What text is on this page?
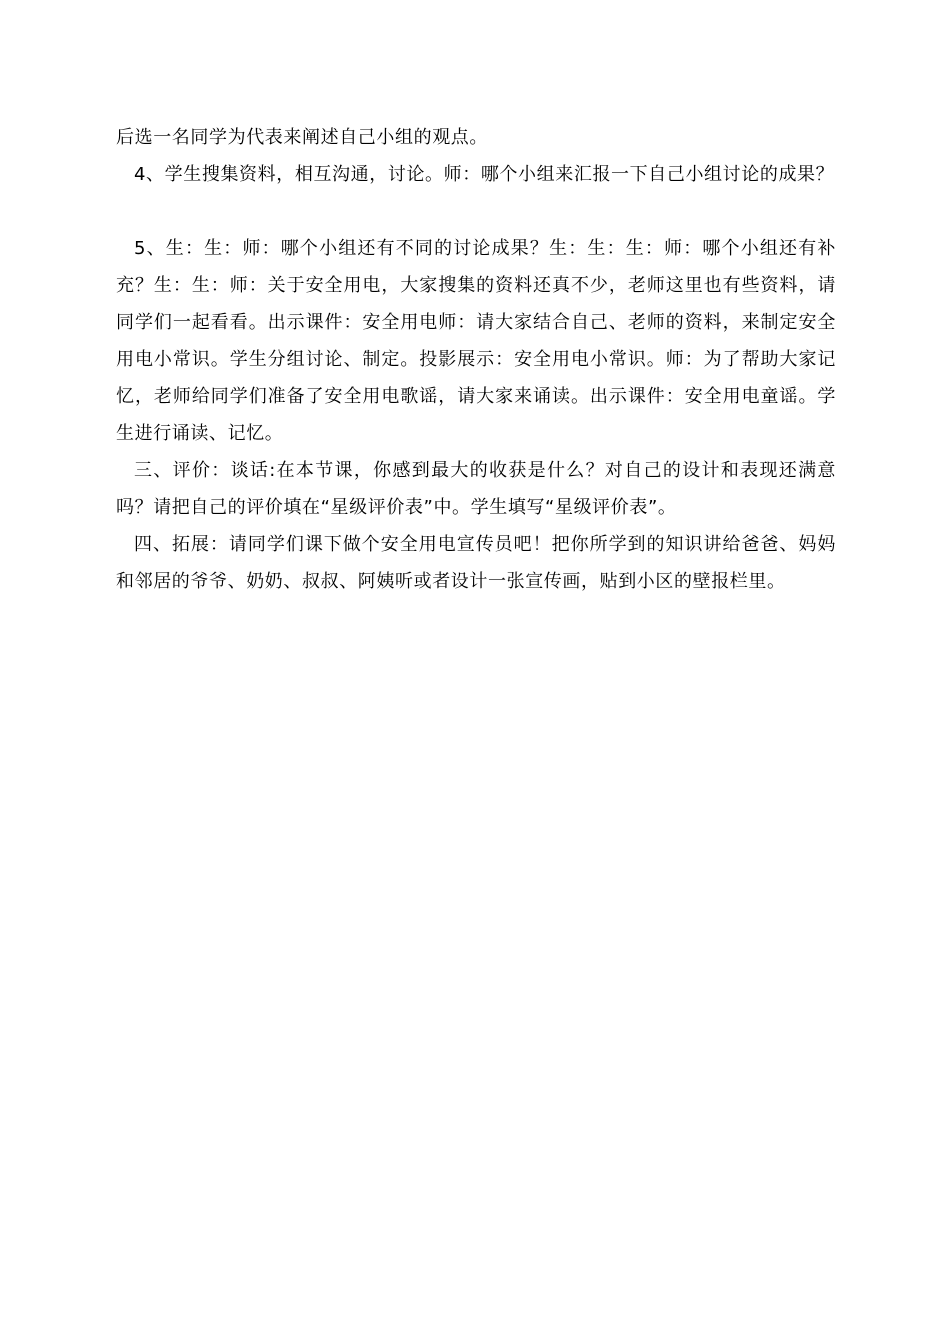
后选一名同学为代表来阐述自己小组的观点。

4、学生搜集资料，相互沟通，讨论。师：哪个小组来汇报一下自己小组讨论的成果？

5、生：生：师：哪个小组还有不同的讨论成果？生：生：生：师：哪个小组还有补充？生：生：师：关于安全用电，大家搜集的资料还真不少，老师这里也有些资料，请同学们一起看看。出示课件：安全用电师：请大家结合自己、老师的资料，来制定安全用电小常识。学生分组讨论、制定。投影展示：安全用电小常识。师：为了帮助大家记忆，老师给同学们准备了安全用电歌谣，请大家来诵读。出示课件：安全用电童谣。学生进行诵读、记忆。

三、评价：谈话:在本节课，你感到最大的收获是什么？对自己的设计和表现还满意吗？请把自己的评价填在“星级评价表”中。学生填写“星级评价表”。

四、拓展：请同学们课下做个安全用电宣传员吧！把你所学到的知识讲给爸爸、妈妈和邻居的爷爷、奶奶、叔叔、阿姨听或者设计一张宣传画，贴到小区的壁报栏里。
